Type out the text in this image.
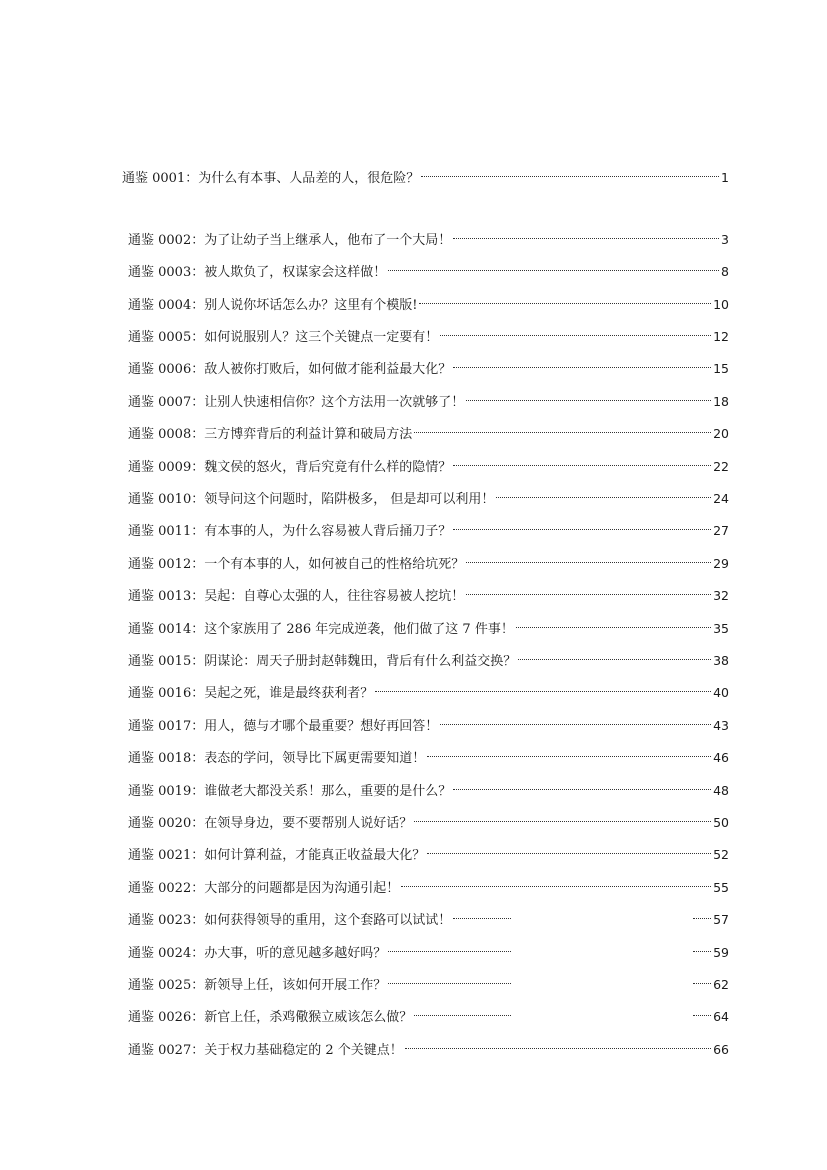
通鉴 0001： 为什么有本事、人品差的人，很危险？	1
通鉴 0002： 为了让幼子当上继承人，他布了一个大局！	3
通鉴 0003： 被人欺负了，权谋家会这样做！	8
通鉴 0004： 别人说你坏话怎么办？这里有个模版!	10
通鉴 0005： 如何说服别人？这三个关键点一定要有！	12
通鉴 0006： 敌人被你打败后，如何做才能利益最大化？	15
通鉴 0007： 让别人快速相信你？这个方法用一次就够了！	18
通鉴 0008： 三方博弈背后的利益计算和破局方法	20
通鉴 0009： 魏文侯的怒火，背后究竟有什么样的隐情？	22
通鉴 0010： 领导问这个问题时，陷阱极多， 但是却可以利用！	24
通鉴 0011： 有本事的人，为什么容易被人背后捅刀子？	27
通鉴 0012： 一个有本事的人，如何被自己的性格给坑死？	29
通鉴 0013： 吴起：自尊心太强的人，往往容易被人挖坑！	32
通鉴 0014： 这个家族用了 286 年完成逆袭，他们做了这 7 件事！	35
通鉴 0015： 阴谋论：周天子册封赵韩魏田，背后有什么利益交换？	38
通鉴 0016： 吴起之死，谁是最终获利者？	40
通鉴 0017： 用人，德与才哪个最重要？想好再回答！	43
通鉴 0018： 表态的学问，领导比下属更需要知道！	46
通鉴 0019： 谁做老大都没关系！那么，重要的是什么？	48
通鉴 0020： 在领导身边，要不要帮别人说好话？	50
通鉴 0021： 如何计算利益，才能真正收益最大化？	52
通鉴 0022： 大部分的问题都是因为沟通引起！	55
通鉴 0023： 如何获得领导的重用，这个套路可以试试！	57
通鉴 0024： 办大事，听的意见越多越好吗？	59
通鉴 0025： 新领导上任，该如何开展工作？	62
通鉴 0026： 新官上任，杀鸡儆猴立威该怎么做？	64
通鉴 0027： 关于权力基础稳定的 2 个关键点！	66
